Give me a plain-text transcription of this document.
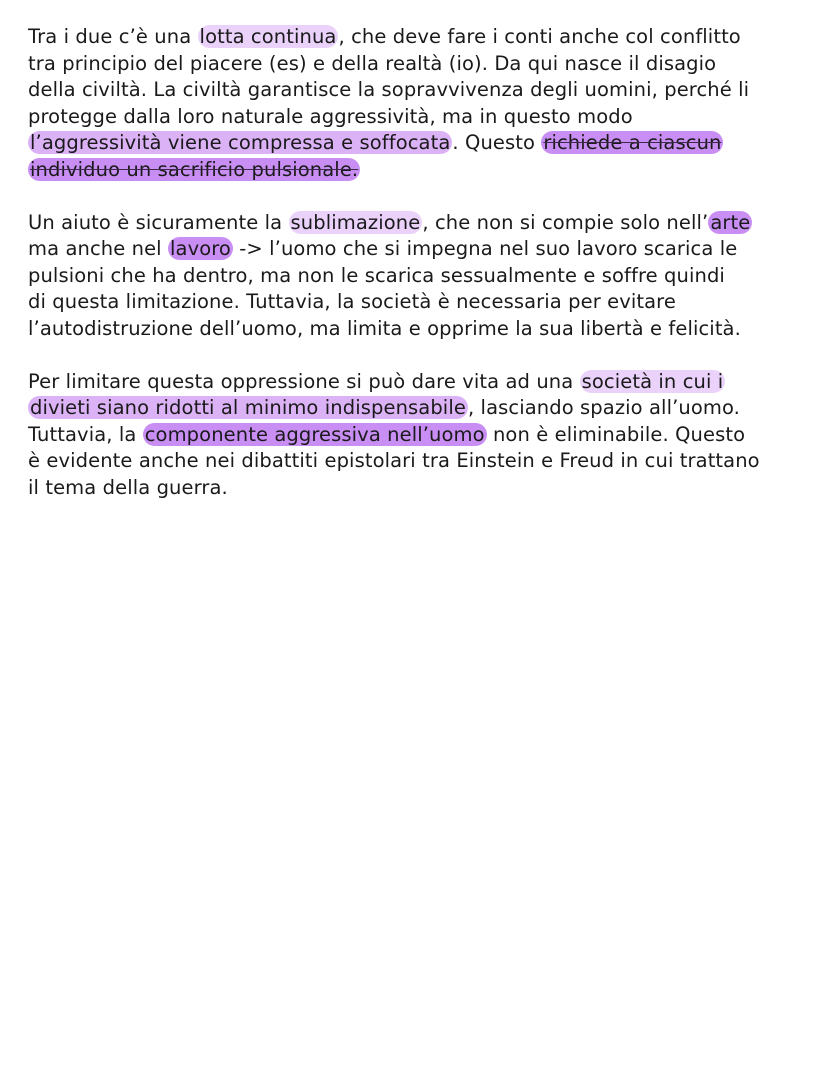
Tra i due c’è una lotta continua , che deve fare i conti anche col conflitto
tra principio del piacere (es) e della realtà (io). Da qui nasce il disagio
della civiltà. La civiltà garantisce la sopravvivenza degli uomini, perché li
protegge dalla loro naturale aggressività, ma in questo modo
l’aggressività viene compressa e soffocata . Questo richiede a ciascun
individuo un sacrificio pulsionale.

Un aiuto è sicuramente la sublimazione , che non si compie solo nell’ arte
ma anche nel lavoro -> l’uomo che si impegna nel suo lavoro scarica le
pulsioni che ha dentro, ma non le scarica sessualmente e soffre quindi
di questa limitazione. Tuttavia, la società è necessaria per evitare
l’autodistruzione dell’uomo, ma limita e opprime la sua libertà e felicità.

Per limitare questa oppressione si può dare vita ad una società in cui i
divieti siano ridotti al minimo indispensabile , lasciando spazio all’uomo.
Tuttavia, la componente aggressiva nell’uomo non è eliminabile. Questo
è evidente anche nei dibattiti epistolari tra Einstein e Freud in cui trattano
il tema della guerra.
